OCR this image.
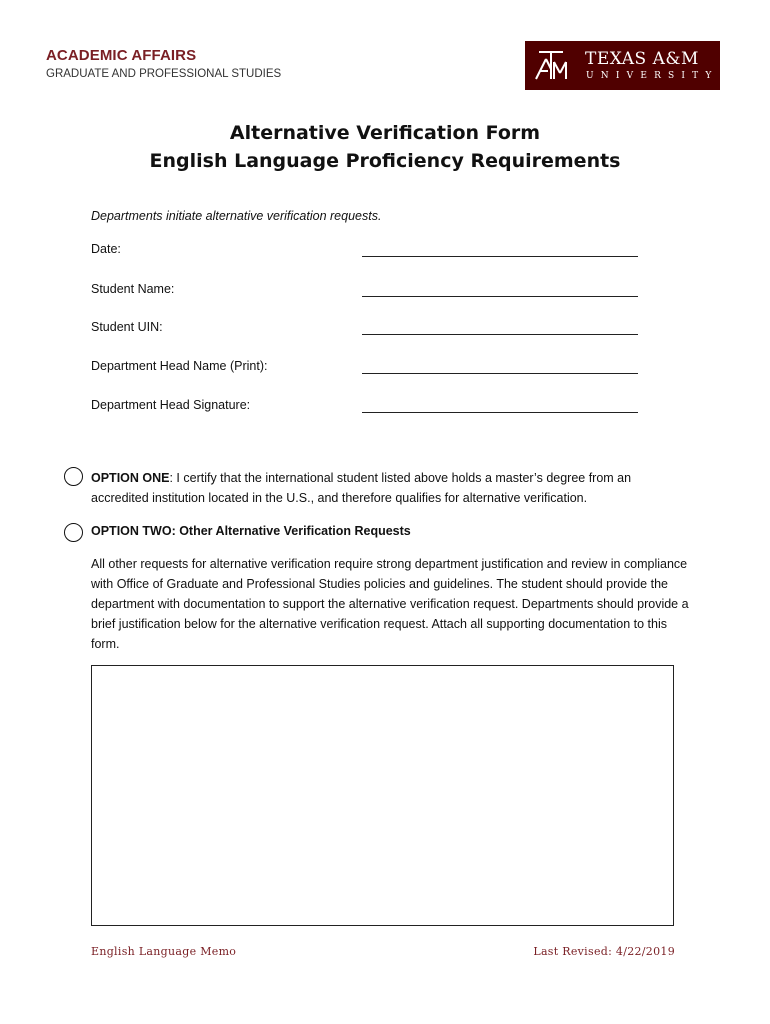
ACADEMIC AFFAIRS
GRADUATE AND PROFESSIONAL STUDIES
TEXAS A&M
UNIVERSITY
Alternative Verification Form
English Language Proficiency Requirements
Departments initiate alternative verification requests.
Date:
Student Name:
Student UIN:
Department Head Name (Print):
Department Head Signature:
OPTION ONE: I certify that the international student listed above holds a master’s degree from an accredited institution located in the U.S., and therefore qualifies for alternative verification.
OPTION TWO: Other Alternative Verification Requests
All other requests for alternative verification require strong department justification and review in compliance with Office of Graduate and Professional Studies policies and guidelines. The student should provide the department with documentation to support the alternative verification request. Departments should provide a brief justification below for the alternative verification request. Attach all supporting documentation to this form.
English Language Memo	Last Revised: 4/22/2019
